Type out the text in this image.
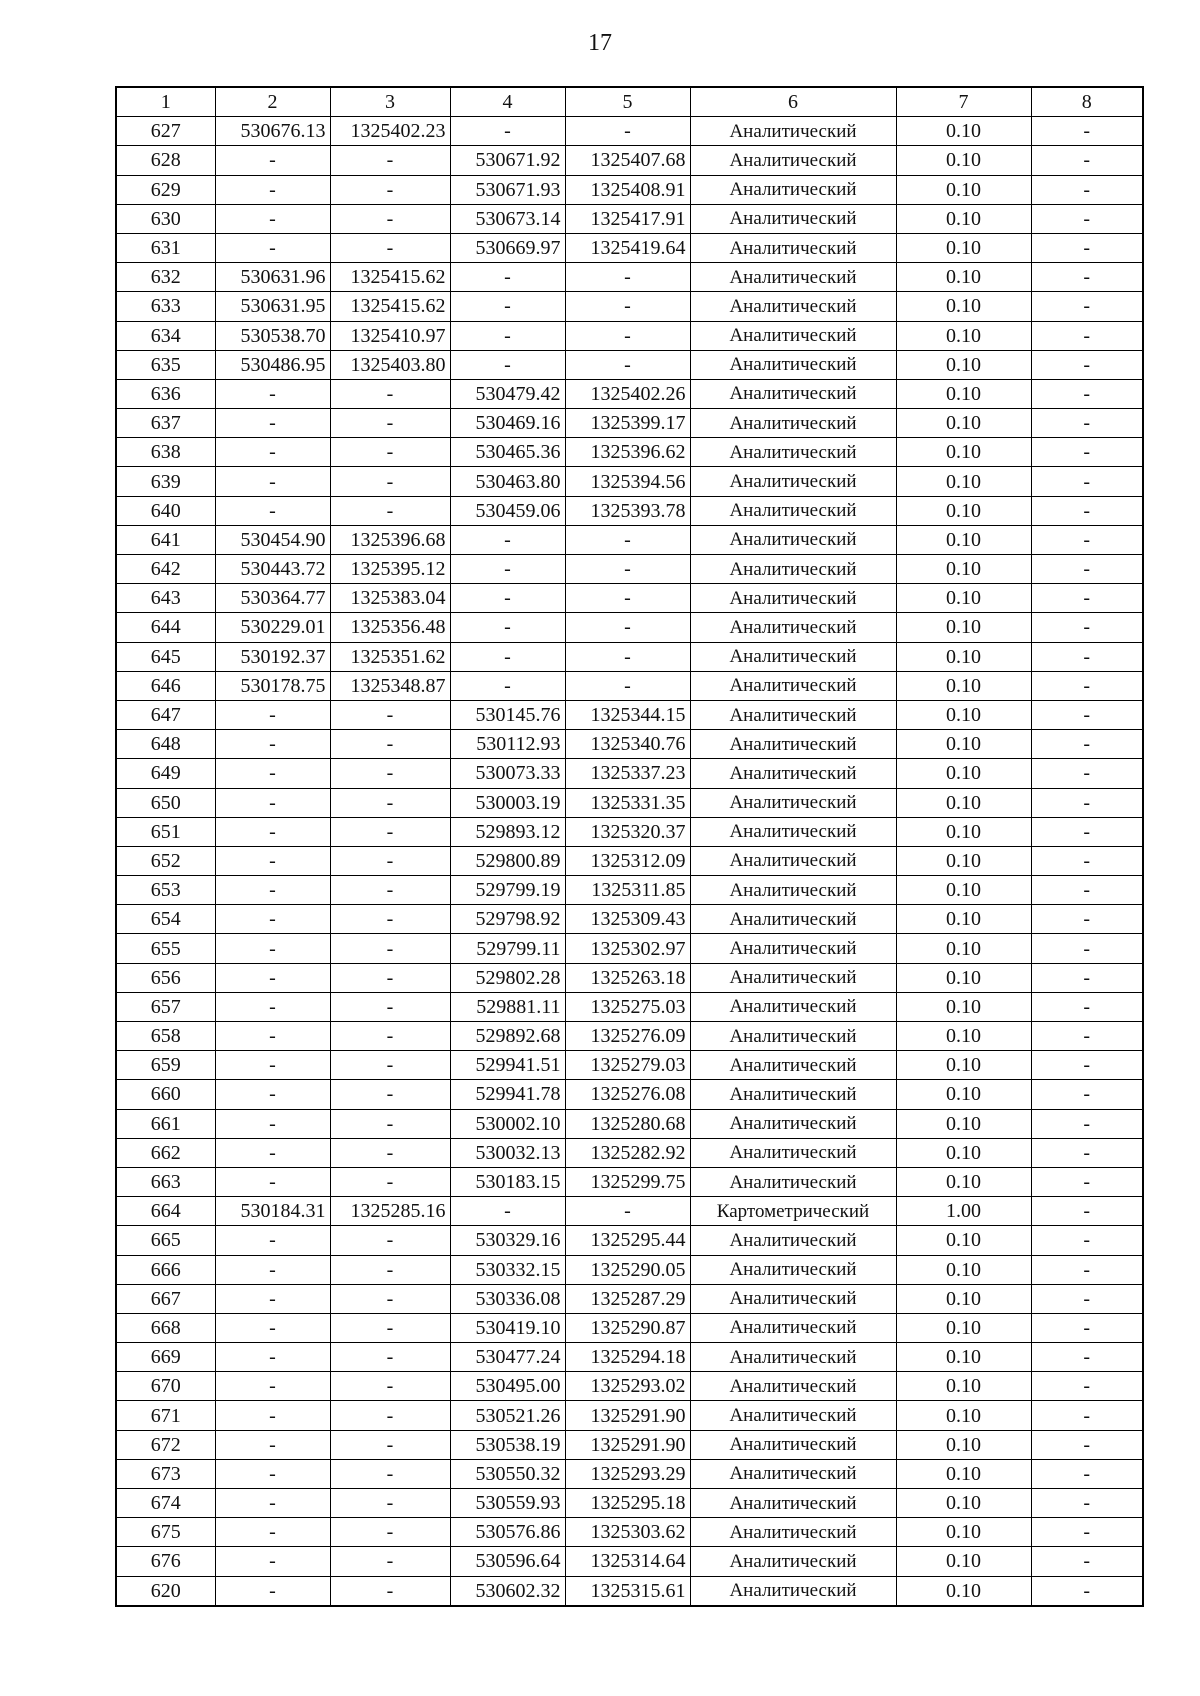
17
1	2	3	4	5	6	7	8
627	530676.13	1325402.23	-	-	Аналитический	0.10	-
628	-	-	530671.92	1325407.68	Аналитический	0.10	-
629	-	-	530671.93	1325408.91	Аналитический	0.10	-
630	-	-	530673.14	1325417.91	Аналитический	0.10	-
631	-	-	530669.97	1325419.64	Аналитический	0.10	-
632	530631.96	1325415.62	-	-	Аналитический	0.10	-
633	530631.95	1325415.62	-	-	Аналитический	0.10	-
634	530538.70	1325410.97	-	-	Аналитический	0.10	-
635	530486.95	1325403.80	-	-	Аналитический	0.10	-
636	-	-	530479.42	1325402.26	Аналитический	0.10	-
637	-	-	530469.16	1325399.17	Аналитический	0.10	-
638	-	-	530465.36	1325396.62	Аналитический	0.10	-
639	-	-	530463.80	1325394.56	Аналитический	0.10	-
640	-	-	530459.06	1325393.78	Аналитический	0.10	-
641	530454.90	1325396.68	-	-	Аналитический	0.10	-
642	530443.72	1325395.12	-	-	Аналитический	0.10	-
643	530364.77	1325383.04	-	-	Аналитический	0.10	-
644	530229.01	1325356.48	-	-	Аналитический	0.10	-
645	530192.37	1325351.62	-	-	Аналитический	0.10	-
646	530178.75	1325348.87	-	-	Аналитический	0.10	-
647	-	-	530145.76	1325344.15	Аналитический	0.10	-
648	-	-	530112.93	1325340.76	Аналитический	0.10	-
649	-	-	530073.33	1325337.23	Аналитический	0.10	-
650	-	-	530003.19	1325331.35	Аналитический	0.10	-
651	-	-	529893.12	1325320.37	Аналитический	0.10	-
652	-	-	529800.89	1325312.09	Аналитический	0.10	-
653	-	-	529799.19	1325311.85	Аналитический	0.10	-
654	-	-	529798.92	1325309.43	Аналитический	0.10	-
655	-	-	529799.11	1325302.97	Аналитический	0.10	-
656	-	-	529802.28	1325263.18	Аналитический	0.10	-
657	-	-	529881.11	1325275.03	Аналитический	0.10	-
658	-	-	529892.68	1325276.09	Аналитический	0.10	-
659	-	-	529941.51	1325279.03	Аналитический	0.10	-
660	-	-	529941.78	1325276.08	Аналитический	0.10	-
661	-	-	530002.10	1325280.68	Аналитический	0.10	-
662	-	-	530032.13	1325282.92	Аналитический	0.10	-
663	-	-	530183.15	1325299.75	Аналитический	0.10	-
664	530184.31	1325285.16	-	-	Картометрический	1.00	-
665	-	-	530329.16	1325295.44	Аналитический	0.10	-
666	-	-	530332.15	1325290.05	Аналитический	0.10	-
667	-	-	530336.08	1325287.29	Аналитический	0.10	-
668	-	-	530419.10	1325290.87	Аналитический	0.10	-
669	-	-	530477.24	1325294.18	Аналитический	0.10	-
670	-	-	530495.00	1325293.02	Аналитический	0.10	-
671	-	-	530521.26	1325291.90	Аналитический	0.10	-
672	-	-	530538.19	1325291.90	Аналитический	0.10	-
673	-	-	530550.32	1325293.29	Аналитический	0.10	-
674	-	-	530559.93	1325295.18	Аналитический	0.10	-
675	-	-	530576.86	1325303.62	Аналитический	0.10	-
676	-	-	530596.64	1325314.64	Аналитический	0.10	-
620	-	-	530602.32	1325315.61	Аналитический	0.10	-
